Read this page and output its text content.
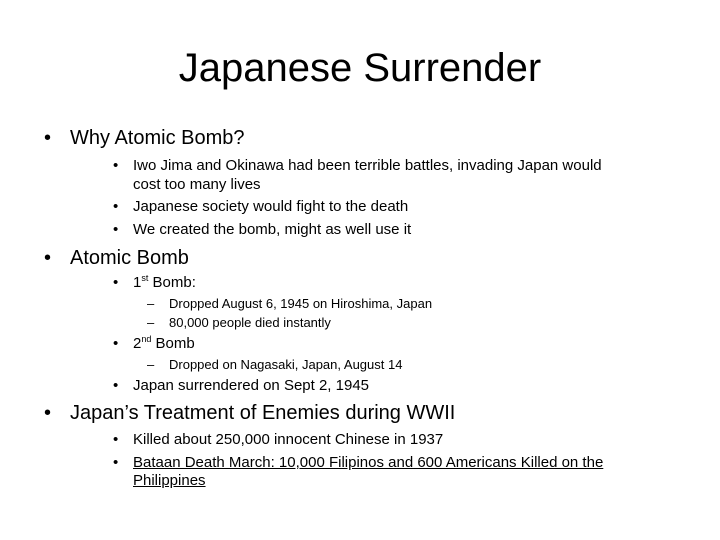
Japanese Surrender
• Why Atomic Bomb?
• Iwo Jima and Okinawa had been terrible battles, invading Japan would
cost too many lives
• Japanese society would fight to the death
• We created the bomb, might as well use it
• Atomic Bomb
• 1st Bomb:
– Dropped August 6, 1945 on Hiroshima, Japan
– 80,000 people died instantly
• 2nd Bomb
– Dropped on Nagasaki, Japan, August 14
• Japan surrendered on Sept 2, 1945
• Japan’s Treatment of Enemies during WWII
• Killed about 250,000 innocent Chinese in 1937
• Bataan Death March: 10,000 Filipinos and 600 Americans Killed on the
Philippines
